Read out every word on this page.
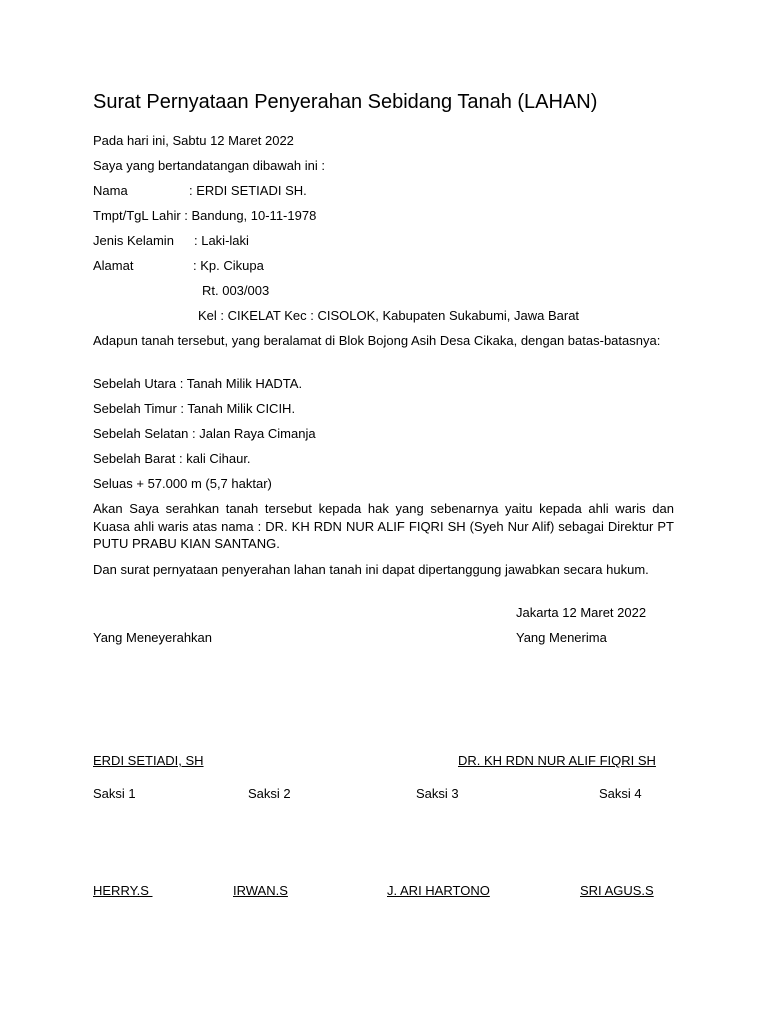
Surat Pernyataan Penyerahan Sebidang Tanah (LAHAN)
Pada hari ini, Sabtu 12 Maret 2022
Saya yang bertandatangan dibawah ini :
Nama	: ERDI SETIADI SH.
Tmpt/TgL Lahir : Bandung, 10-11-1978
Jenis Kelamin : Laki-laki
Alamat	: Kp. Cikupa
Rt. 003/003
Kel : CIKELAT Kec : CISOLOK, Kabupaten Sukabumi, Jawa Barat
Adapun tanah tersebut, yang beralamat di Blok Bojong Asih Desa Cikaka, dengan batas-batasnya:
Sebelah Utara : Tanah Milik HADTA.
Sebelah Timur : Tanah Milik CICIH.
Sebelah Selatan : Jalan Raya Cimanja
Sebelah Barat : kali Cihaur.
Seluas + 57.000 m (5,7 haktar)
Akan Saya serahkan tanah tersebut kepada hak yang sebenarnya yaitu kepada ahli waris dan Kuasa ahli waris atas nama : DR. KH RDN NUR ALIF FIQRI SH (Syeh Nur Alif) sebagai Direktur PT PUTU PRABU KIAN SANTANG.
Dan surat pernyataan penyerahan lahan tanah ini dapat dipertanggung jawabkan secara hukum.
Jakarta 12 Maret 2022
Yang Meneyerahkan	Yang Menerima
ERDI SETIADI, SH	DR. KH RDN NUR ALIF FIQRI SH
Saksi 1	Saksi 2	Saksi 3	Saksi 4
HERRY.S	IRWAN.S	J. ARI HARTONO	SRI AGUS.S
